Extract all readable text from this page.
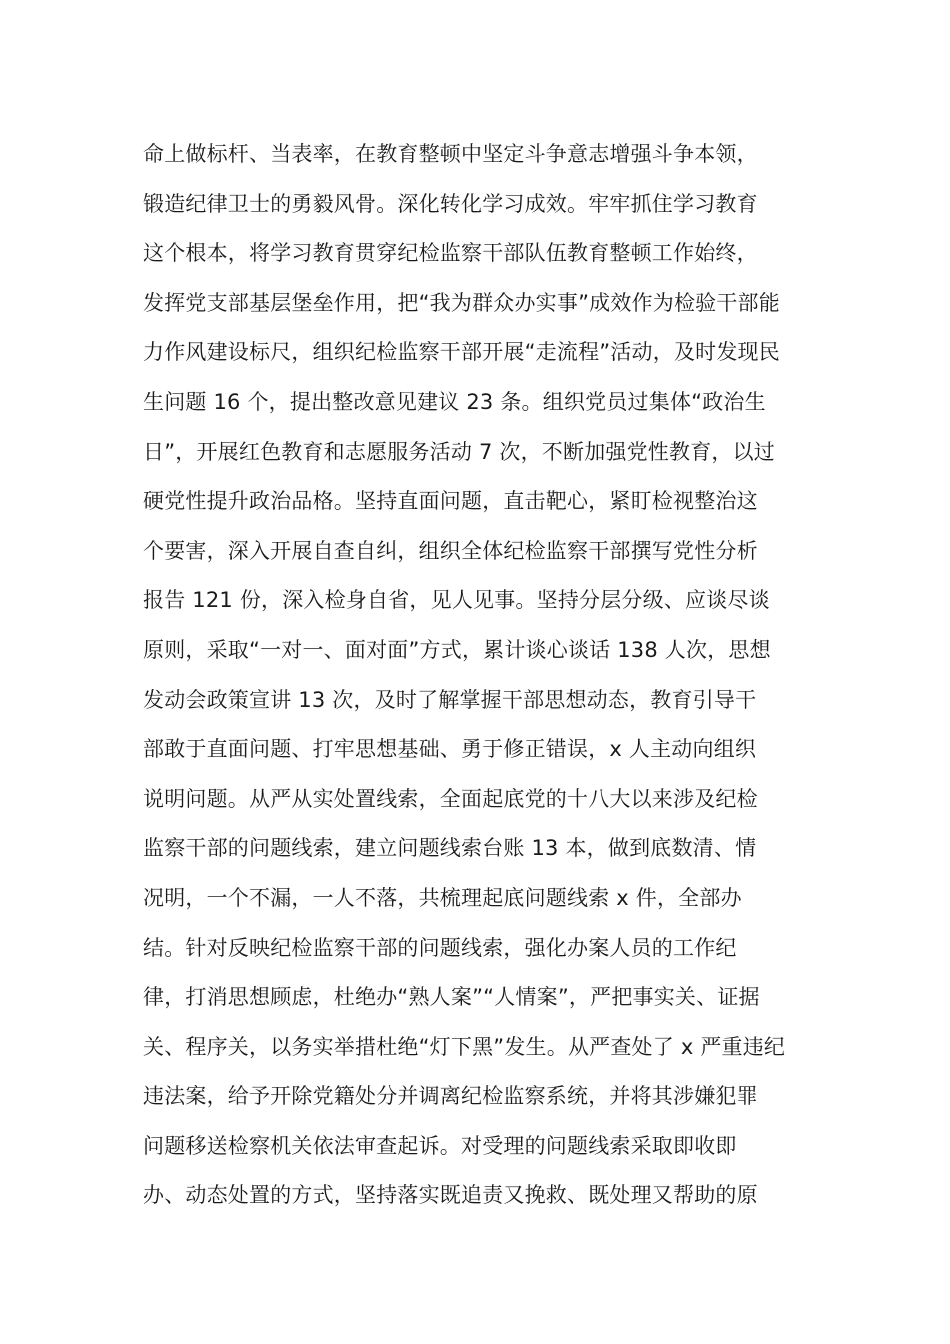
命上做标杆、当表率，在教育整顿中坚定斗争意志增强斗争本领，
锻造纪律卫士的勇毅风骨。深化转化学习成效。牢牢抓住学习教育
这个根本，将学习教育贯穿纪检监察干部队伍教育整顿工作始终，
发挥党支部基层堡垒作用，把“我为群众办实事”成效作为检验干部能
力作风建设标尺，组织纪检监察干部开展“走流程”活动，及时发现民
生问题 16 个，提出整改意见建议 23 条。组织党员过集体“政治生
日”，开展红色教育和志愿服务活动 7 次，不断加强党性教育，以过
硬党性提升政治品格。坚持直面问题，直击靶心，紧盯检视整治这
个要害，深入开展自查自纠，组织全体纪检监察干部撰写党性分析
报告 121 份，深入检身自省，见人见事。坚持分层分级、应谈尽谈
原则，采取“一对一、面对面”方式，累计谈心谈话 138 人次，思想
发动会政策宣讲 13 次，及时了解掌握干部思想动态，教育引导干
部敢于直面问题、打牢思想基础、勇于修正错误，x 人主动向组织
说明问题。从严从实处置线索，全面起底党的十八大以来涉及纪检
监察干部的问题线索，建立问题线索台账 13 本，做到底数清、情
况明，一个不漏，一人不落，共梳理起底问题线索 x 件，全部办
结。针对反映纪检监察干部的问题线索，强化办案人员的工作纪
律，打消思想顾虑，杜绝办“熟人案”“人情案”，严把事实关、证据
关、程序关，以务实举措杜绝“灯下黑”发生。从严查处了 x 严重违纪
违法案，给予开除党籍处分并调离纪检监察系统，并将其涉嫌犯罪
问题移送检察机关依法审查起诉。对受理的问题线索采取即收即
办、动态处置的方式，坚持落实既追责又挽救、既处理又帮助的原
